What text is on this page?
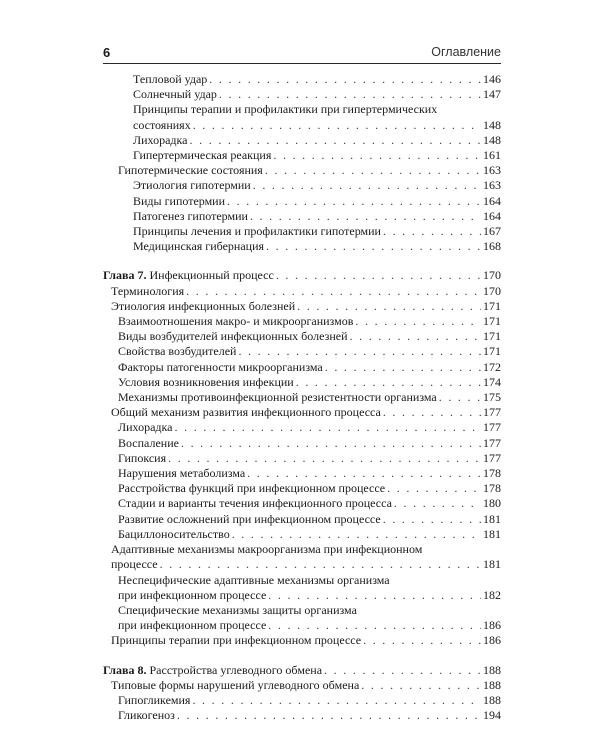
6	Оглавление
Тепловой удар . . .	146
Солнечный удар . . .	147
Принципы терапии и профилактики при гипертермических
состояниях . . .	148
Лихорадка . . .	148
Гипертермическая реакция . . .	161
Гипотермические состояния . . .	163
Этиология гипотермии . . .	163
Виды гипотермии . . .	164
Патогенез гипотермии . . .	164
Принципы лечения и профилактики гипотермии . . .	167
Медицинская гибернация . . .	168
Глава 7. Инфекционный процесс . . .	170
Терминология . . .	170
Этиология инфекционных болезней . . .	171
Взаимоотношения макро- и микроорганизмов . . .	171
Виды возбудителей инфекционных болезней . . .	171
Свойства возбудителей . . .	171
Факторы патогенности микроорганизма . . .	172
Условия возникновения инфекции . . .	174
Механизмы противоинфекционной резистентности организма . . .	175
Общий механизм развития инфекционного процесса . . .	177
Лихорадка . . .	177
Воспаление . . .	177
Гипоксия . . .	177
Нарушения метаболизма . . .	178
Расстройства функций при инфекционном процессе . . .	178
Стадии и варианты течения инфекционного процесса . . .	180
Развитие осложнений при инфекционном процессе . . .	181
Бациллоноситeльство . . .	181
Адаптивные механизмы макроорганизма при инфекционном
процессе . . .	181
Неспецифические адаптивные механизмы организма
при инфекционном процессе . . .	182
Специфические механизмы защиты организма
при инфекционном процессе . . .	186
Принципы терапии при инфекционном процессе . . .	186
Глава 8. Расстройства углеводного обмена . . .	188
Типовые формы нарушений углеводного обмена . . .	188
Гипогликемия . . .	188
Гликогеноз . . .	194
